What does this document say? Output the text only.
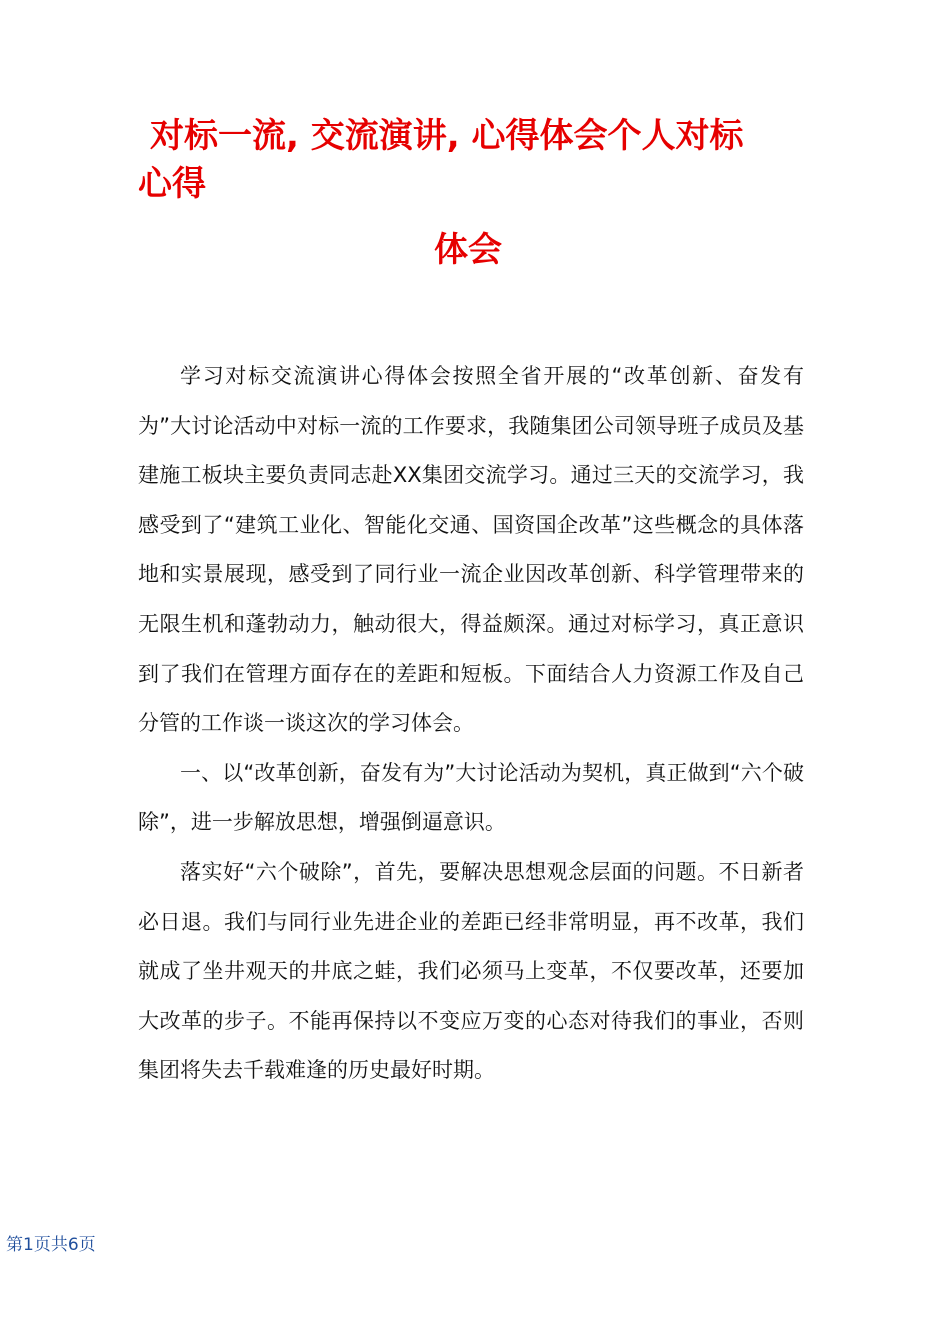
对标一流, 交流演讲, 心得体会个人对标
心得
体会

学习对标交流演讲心得体会按照全省开展的“改革创新、奋发有为”大讨论活动中对标一流的工作要求，我随集团公司领导班子成员及基建施工板块主要负责同志赴XX集团交流学习。通过三天的交流学习，我感受到了“建筑工业化、智能化交通、国资国企改革”这些概念的具体落地和实景展现，感受到了同行业一流企业因改革创新、科学管理带来的无限生机和蓬勃动力，触动很大，得益颇深。通过对标学习，真正意识到了我们在管理方面存在的差距和短板。下面结合人力资源工作及自己分管的工作谈一谈这次的学习体会。

一、以“改革创新，奋发有为”大讨论活动为契机，真正做到“六个破除”，进一步解放思想，增强倒逼意识。

落实好“六个破除”，首先，要解决思想观念层面的问题。不日新者必日退。我们与同行业先进企业的差距已经非常明显，再不改革，我们就成了坐井观天的井底之蛙，我们必须马上变革，不仅要改革，还要加大改革的步子。不能再保持以不变应万变的心态对待我们的事业，否则集团将失去千载难逢的历史最好时期。

第1页共6页
